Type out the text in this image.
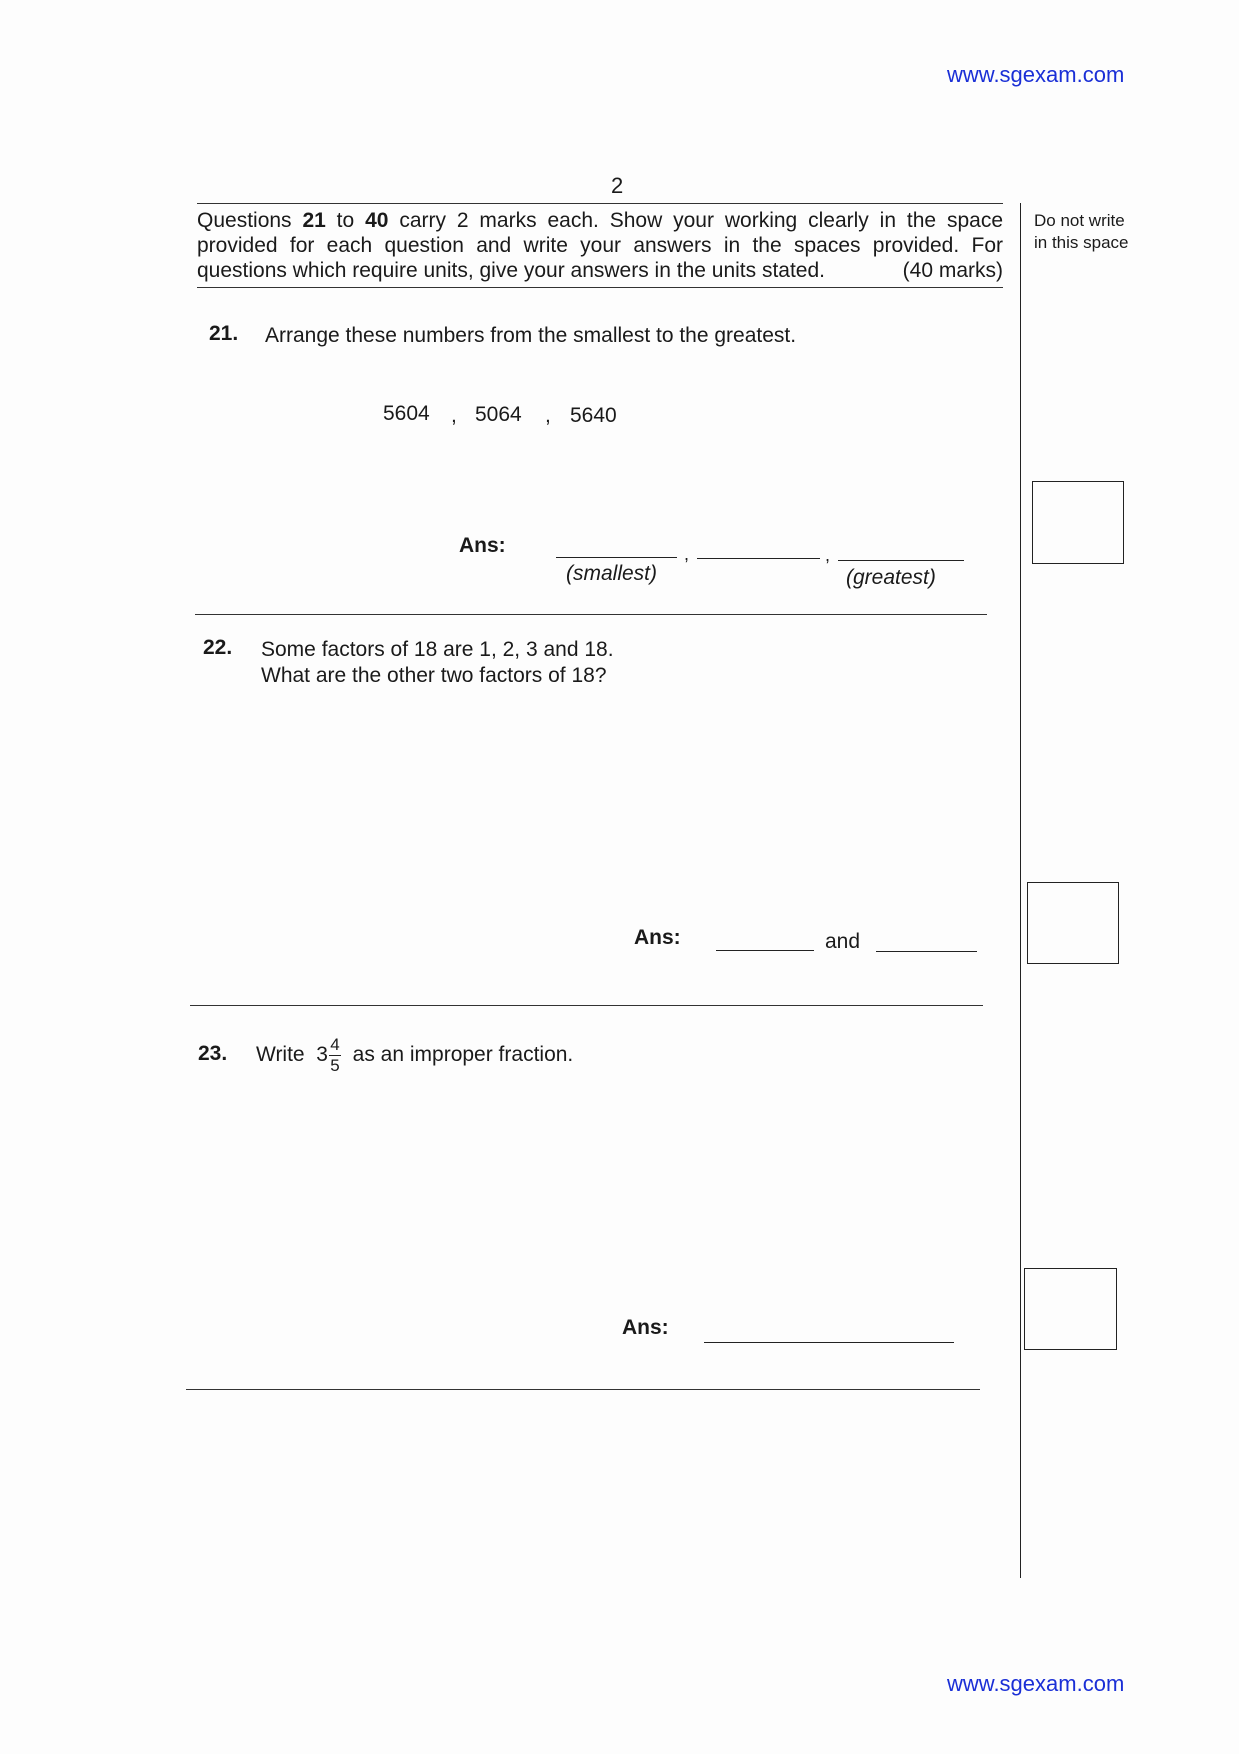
www.sgexam.com
2
Questions 21 to 40 carry 2 marks each. Show your working clearly in the space provided for each question and write your answers in the spaces provided. For questions which require units, give your answers in the units stated.	(40 marks)
Do not write
in this space
21. Arrange these numbers from the smallest to the greatest.
5604 , 5064 , 5640
Ans:	,	,
(smallest)	(greatest)
22. Some factors of 18 are 1, 2, 3 and 18.
What are the other two factors of 18?
Ans:	and
23. Write $3 \frac{4}{5}$ as an improper fraction.
Ans:
www.sgexam.com
